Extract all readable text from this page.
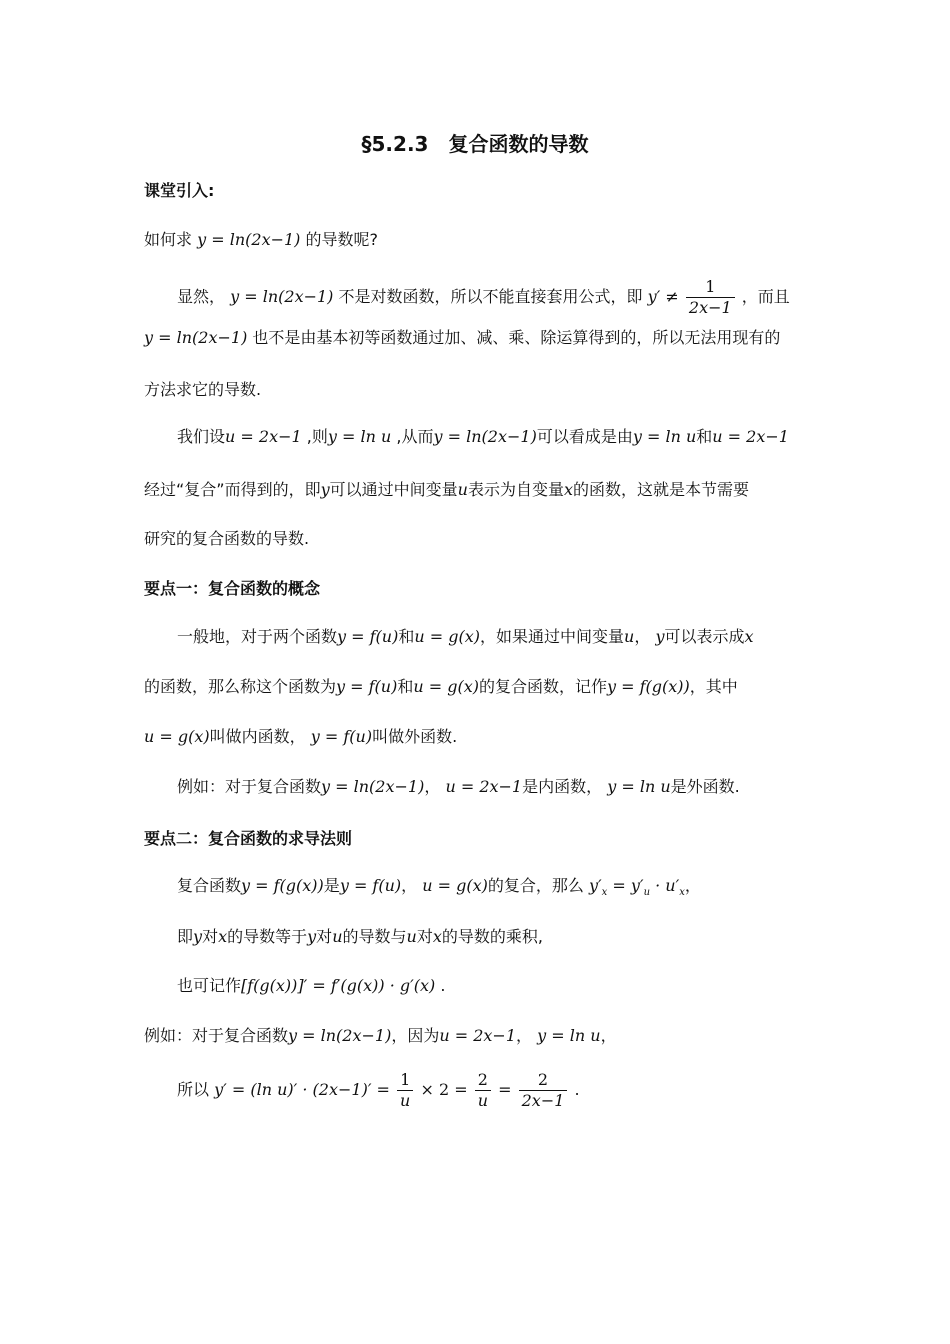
§5.2.3　复合函数的导数
课堂引入:
如何求 y = ln(2x−1) 的导数呢?
显然， y = ln(2x−1) 不是对数函数，所以不能直接套用公式，即 $y' \ne \frac{1}{2x-1}$ ，而且
y = ln(2x−1) 也不是由基本初等函数通过加、减、乘、除运算得到的，所以无法用现有的
方法求它的导数.
我们设u = 2x−1 ,则y = ln u ,从而y = ln(2x−1)可以看成是由y = ln u和u = 2x−1
经过“复合”而得到的，即y可以通过中间变量u表示为自变量x的函数，这就是本节需要
研究的复合函数的导数.
要点一：复合函数的概念
一般地，对于两个函数y = f(u)和u = g(x)，如果通过中间变量u， y可以表示成x
的函数，那么称这个函数为y = f(u)和u = g(x)的复合函数，记作y = f(g(x))，其中
u = g(x)叫做内函数， y = f(u)叫做外函数.
例如：对于复合函数y = ln(2x−1)， u = 2x−1是内函数， y = ln u是外函数.
要点二：复合函数的求导法则
复合函数y = f(g(x))是y = f(u)， u = g(x)的复合，那么 $y'_x = y'_u \cdot u'_x$，
即y对x的导数等于y对u的导数与u对x的导数的乘积,
也可记作[f(g(x))]′ = f′(g(x)) · g′(x) .
例如：对于复合函数y = ln(2x−1)，因为u = 2x−1， y = ln u，
所以 y′ = (ln $u)' \cdot (2x-1)' = \frac{1}{u} \times 2 = \frac{2}{u} = \frac{2}{2x-1}$ .
